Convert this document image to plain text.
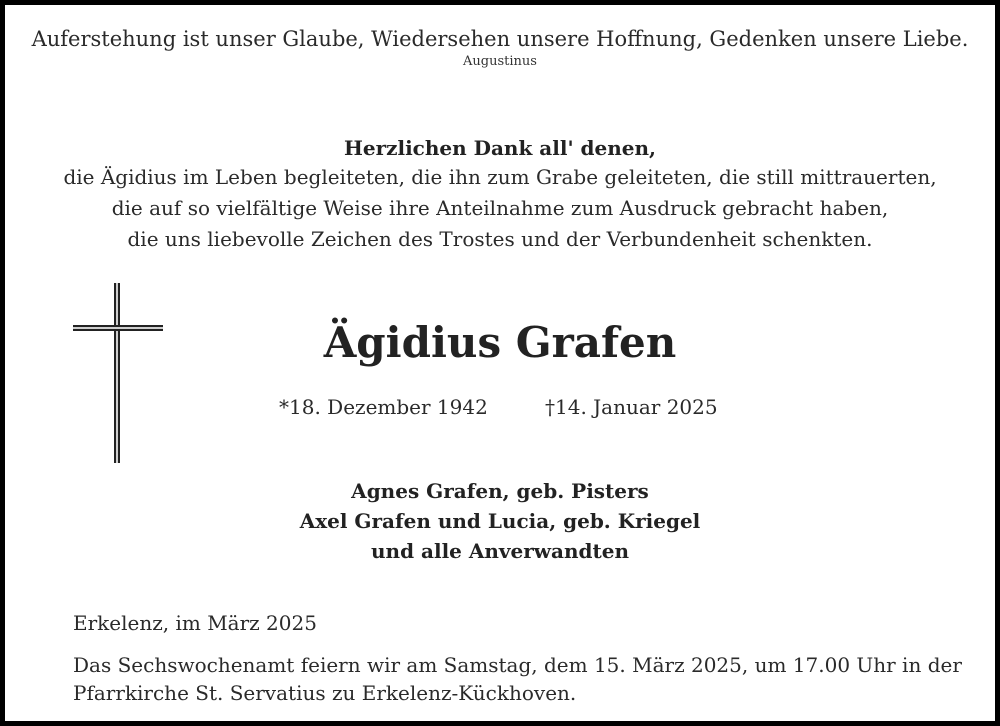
Auferstehung ist unser Glaube, Wiedersehen unsere Hoffnung, Gedenken unsere Liebe.
Augustinus
Herzlichen Dank all' denen,
die Ägidius im Leben begleiteten, die ihn zum Grabe geleiteten, die still mittrauerten,
die auf so vielfältige Weise ihre Anteilnahme zum Ausdruck gebracht haben,
die uns liebevolle Zeichen des Trostes und der Verbundenheit schenkten.
Ägidius Grafen
*18. Dezember 1942	†14. Januar 2025
Agnes Grafen, geb. Pisters
Axel Grafen und Lucia, geb. Kriegel
und alle Anverwandten
Erkelenz, im März 2025
Das Sechswochenamt feiern wir am Samstag, dem 15. März 2025, um 17.00 Uhr in der
Pfarrkirche St. Servatius zu Erkelenz-Kückhoven.
